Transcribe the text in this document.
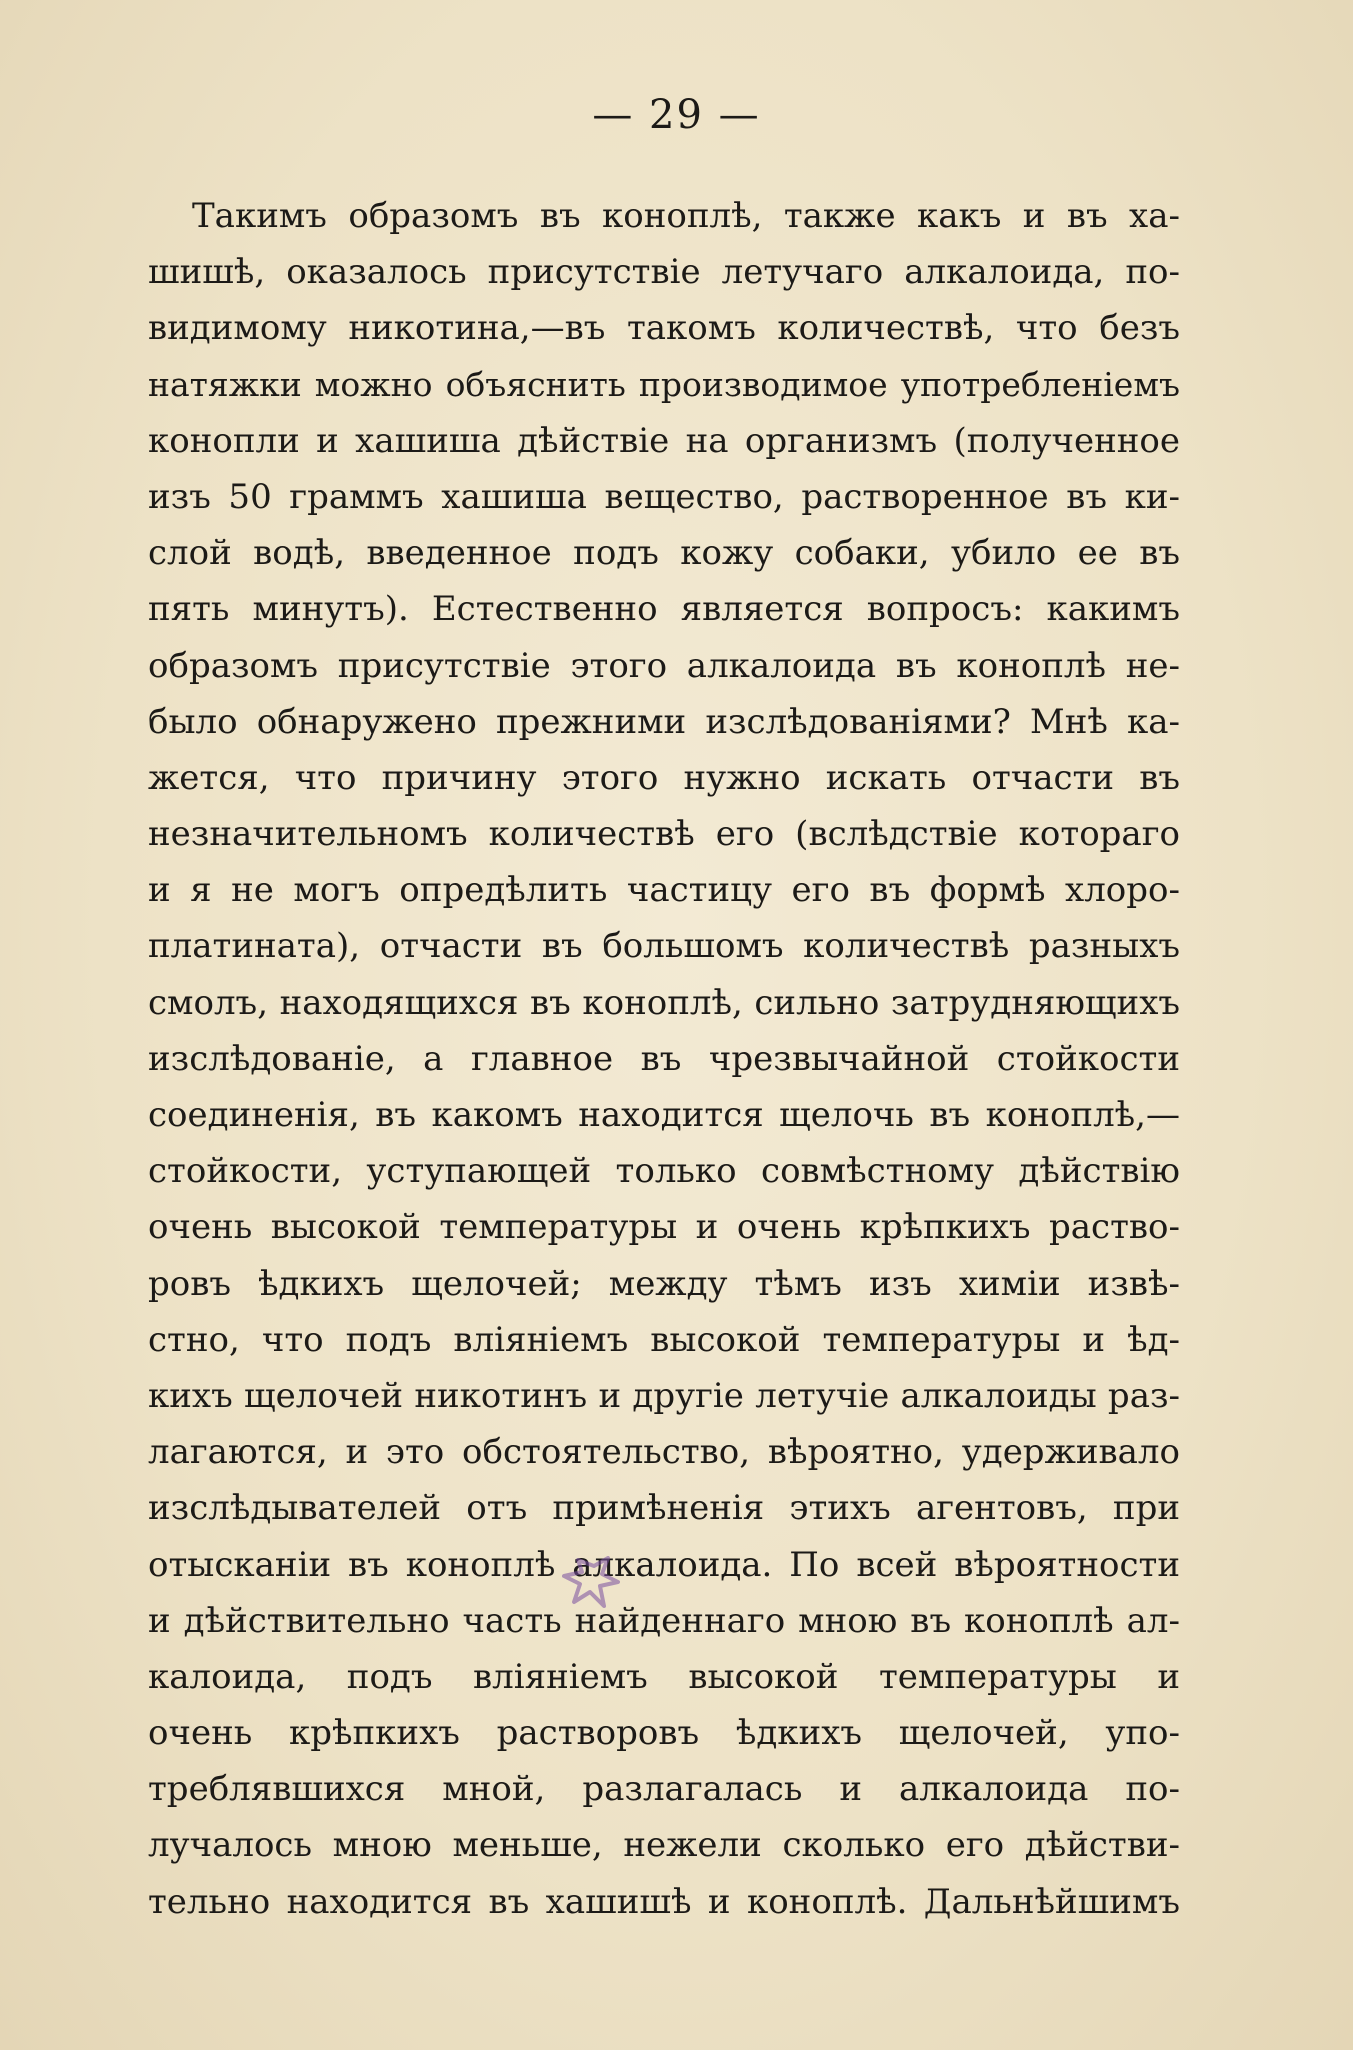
— 29 —
Такимъ образомъ въ коноплѣ, также какъ и въ ха-
шишѣ, оказалось присутствіе летучаго алкалоида, по-
видимому никотина,—въ такомъ количествѣ, что безъ
натяжки можно объяснить производимое употребленіемъ
конопли и хашиша дѣйствіе на организмъ (полученное
изъ 50 граммъ хашиша вещество, растворенное въ ки-
слой водѣ, введенное подъ кожу собаки, убило ее въ
пять минутъ). Естественно является вопросъ: какимъ
образомъ присутствіе этого алкалоида въ коноплѣ не-
было обнаружено прежними изслѣдованіями? Мнѣ ка-
жется, что причину этого нужно искать отчасти въ
незначительномъ количествѣ его (вслѣдствіе котораго
и я не могъ опредѣлить частицу его въ формѣ хлоро-
платината), отчасти въ большомъ количествѣ разныхъ
смолъ, находящихся въ коноплѣ, сильно затрудняющихъ
изслѣдованіе, а главное въ чрезвычайной стойкости
соединенія, въ какомъ находится щелочь въ коноплѣ,—
стойкости, уступающей только совмѣстному дѣйствію
очень высокой температуры и очень крѣпкихъ раство-
ровъ ѣдкихъ щелочей; между тѣмъ изъ химіи извѣ-
стно, что подъ вліяніемъ высокой температуры и ѣд-
кихъ щелочей никотинъ и другіе летучіе алкалоиды раз-
лагаются, и это обстоятельство, вѣроятно, удерживало
изслѣдывателей отъ примѣненія этихъ агентовъ, при
отысканіи въ коноплѣ алкалоида. По всей вѣроятности
и дѣйствительно часть найденнаго мною въ коноплѣ ал-
калоида, подъ вліяніемъ высокой температуры и
очень крѣпкихъ растворовъ ѣдкихъ щелочей, упо-
треблявшихся мной, разлагалась и алкалоида по-
лучалось мною меньше, нежели сколько его дѣйстви-
тельно находится въ хашишѣ и коноплѣ. Дальнѣйшимъ
